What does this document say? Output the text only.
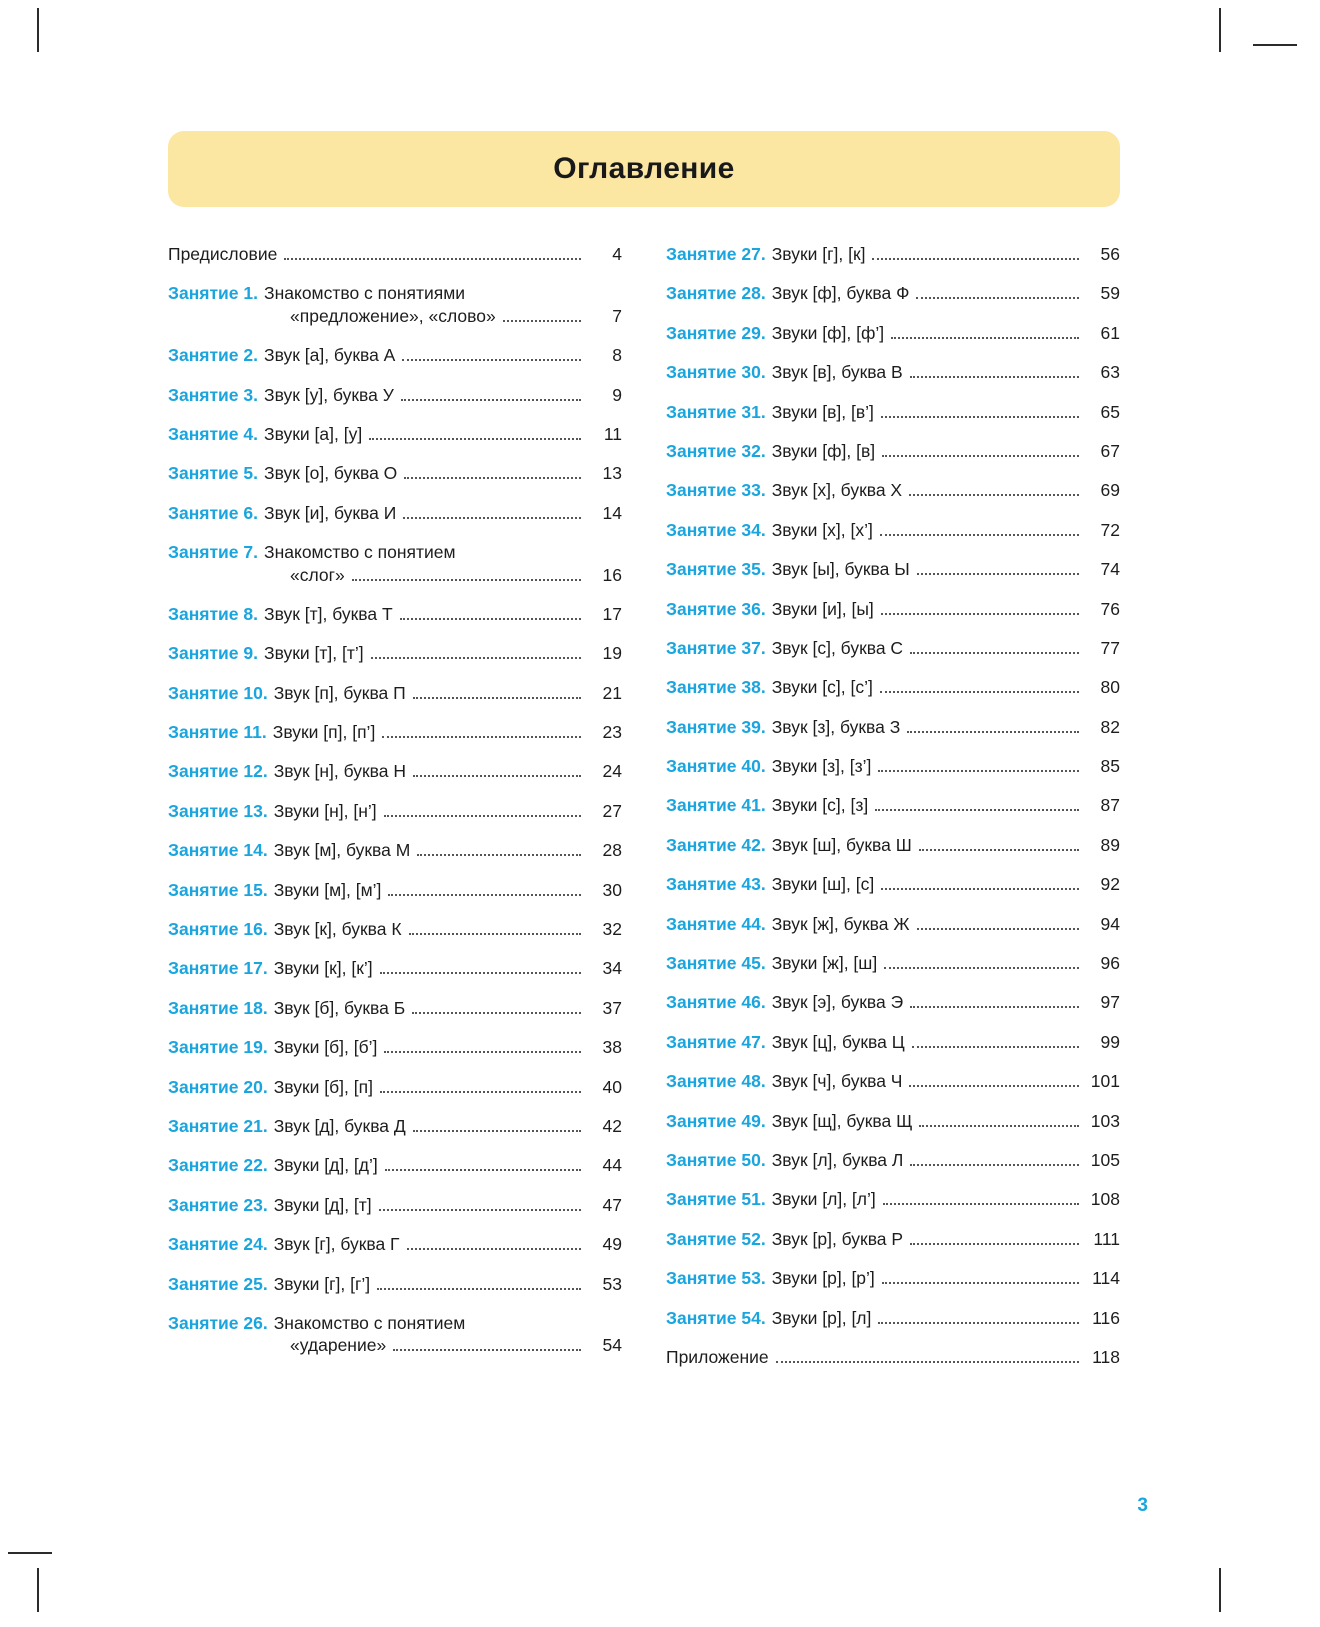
Оглавление
Предисловие	4
Занятие 1. Знакомство с понятиями
«предложение», «слово»	7
Занятие 2. Звук [а], буква А	8
Занятие 3. Звук [у], буква У	9
Занятие 4. Звуки [а], [у]	11
Занятие 5. Звук [о], буква О	13
Занятие 6. Звук [и], буква И	14
Занятие 7. Знакомство с понятием
«слог»	16
Занятие 8. Звук [т], буква Т	17
Занятие 9. Звуки [т], [т’]	19
Занятие 10. Звук [п], буква П	21
Занятие 11. Звуки [п], [п’]	23
Занятие 12. Звук [н], буква Н	24
Занятие 13. Звуки [н], [н’]	27
Занятие 14. Звук [м], буква М	28
Занятие 15. Звуки [м], [м’]	30
Занятие 16. Звук [к], буква К	32
Занятие 17. Звуки [к], [к’]	34
Занятие 18. Звук [б], буква Б	37
Занятие 19. Звуки [б], [б’]	38
Занятие 20. Звуки [б], [п]	40
Занятие 21. Звук [д], буква Д	42
Занятие 22. Звуки [д], [д’]	44
Занятие 23. Звуки [д], [т]	47
Занятие 24. Звук [г], буква Г	49
Занятие 25. Звуки [г], [г’]	53
Занятие 26. Знакомство с понятием
«ударение»	54
Занятие 27. Звуки [г], [к]	56
Занятие 28. Звук [ф], буква Ф	59
Занятие 29. Звуки [ф], [ф’]	61
Занятие 30. Звук [в], буква В	63
Занятие 31. Звуки [в], [в’]	65
Занятие 32. Звуки [ф], [в]	67
Занятие 33. Звук [х], буква Х	69
Занятие 34. Звуки [х], [х’]	72
Занятие 35. Звук [ы], буква Ы	74
Занятие 36. Звуки [и], [ы]	76
Занятие 37. Звук [с], буква С	77
Занятие 38. Звуки [с], [с’]	80
Занятие 39. Звук [з], буква З	82
Занятие 40. Звуки [з], [з’]	85
Занятие 41. Звуки [с], [з]	87
Занятие 42. Звук [ш], буква Ш	89
Занятие 43. Звуки [ш], [с]	92
Занятие 44. Звук [ж], буква Ж	94
Занятие 45. Звуки [ж], [ш]	96
Занятие 46. Звук [э], буква Э	97
Занятие 47. Звук [ц], буква Ц	99
Занятие 48. Звук [ч], буква Ч	101
Занятие 49. Звук [щ], буква Щ	103
Занятие 50. Звук [л], буква Л	105
Занятие 51. Звуки [л], [л’]	108
Занятие 52. Звук [р], буква Р	111
Занятие 53. Звуки [р], [р’]	114
Занятие 54. Звуки [р], [л]	116
Приложение	118
3
